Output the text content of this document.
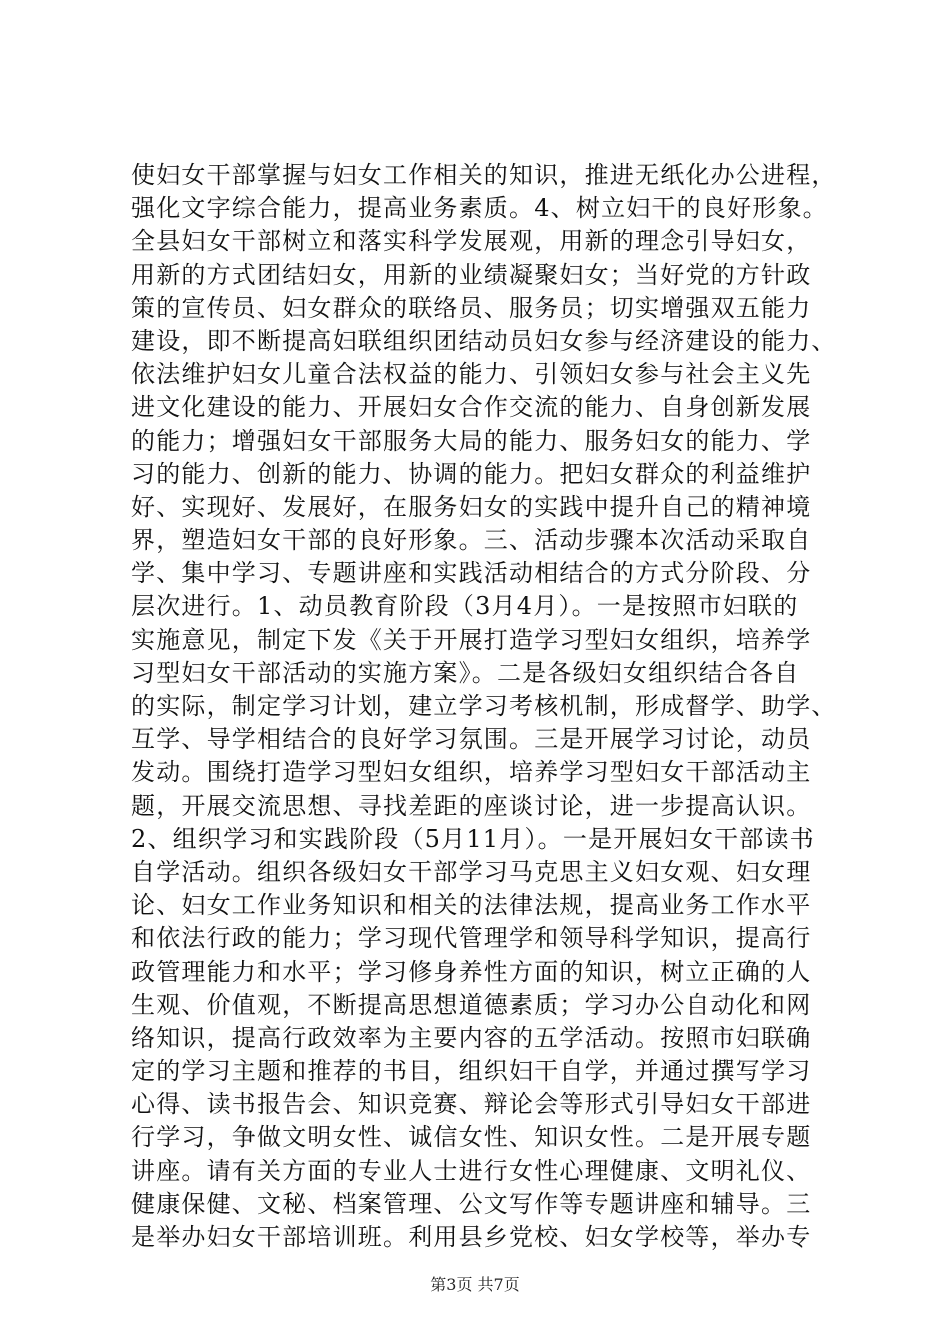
使妇女干部掌握与妇女工作相关的知识，推进无纸化办公进程，
强化文字综合能力，提高业务素质。4、树立妇干的良好形象。
全县妇女干部树立和落实科学发展观，用新的理念引导妇女，
用新的方式团结妇女，用新的业绩凝聚妇女；当好党的方针政
策的宣传员、妇女群众的联络员、服务员；切实增强双五能力
建设，即不断提高妇联组织团结动员妇女参与经济建设的能力、
依法维护妇女儿童合法权益的能力、引领妇女参与社会主义先
进文化建设的能力、开展妇女合作交流的能力、自身创新发展
的能力；增强妇女干部服务大局的能力、服务妇女的能力、学
习的能力、创新的能力、协调的能力。把妇女群众的利益维护
好、实现好、发展好，在服务妇女的实践中提升自己的精神境
界，塑造妇女干部的良好形象。三、活动步骤本次活动采取自
学、集中学习、专题讲座和实践活动相结合的方式分阶段、分
层次进行。1、动员教育阶段（3月4月）。一是按照市妇联的
实施意见，制定下发《关于开展打造学习型妇女组织，培养学
习型妇女干部活动的实施方案》。二是各级妇女组织结合各自
的实际，制定学习计划，建立学习考核机制，形成督学、助学、
互学、导学相结合的良好学习氛围。三是开展学习讨论，动员
发动。围绕打造学习型妇女组织，培养学习型妇女干部活动主
题，开展交流思想、寻找差距的座谈讨论，进一步提高认识。
2、组织学习和实践阶段（5月11月）。一是开展妇女干部读书
自学活动。组织各级妇女干部学习马克思主义妇女观、妇女理
论、妇女工作业务知识和相关的法律法规，提高业务工作水平
和依法行政的能力；学习现代管理学和领导科学知识，提高行
政管理能力和水平；学习修身养性方面的知识，树立正确的人
生观、价值观，不断提高思想道德素质；学习办公自动化和网
络知识，提高行政效率为主要内容的五学活动。按照市妇联确
定的学习主题和推荐的书目，组织妇干自学，并通过撰写学习
心得、读书报告会、知识竞赛、辩论会等形式引导妇女干部进
行学习，争做文明女性、诚信女性、知识女性。二是开展专题
讲座。请有关方面的专业人士进行女性心理健康、文明礼仪、
健康保健、文秘、档案管理、公文写作等专题讲座和辅导。三
是举办妇女干部培训班。利用县乡党校、妇女学校等，举办专
第3页 共7页
